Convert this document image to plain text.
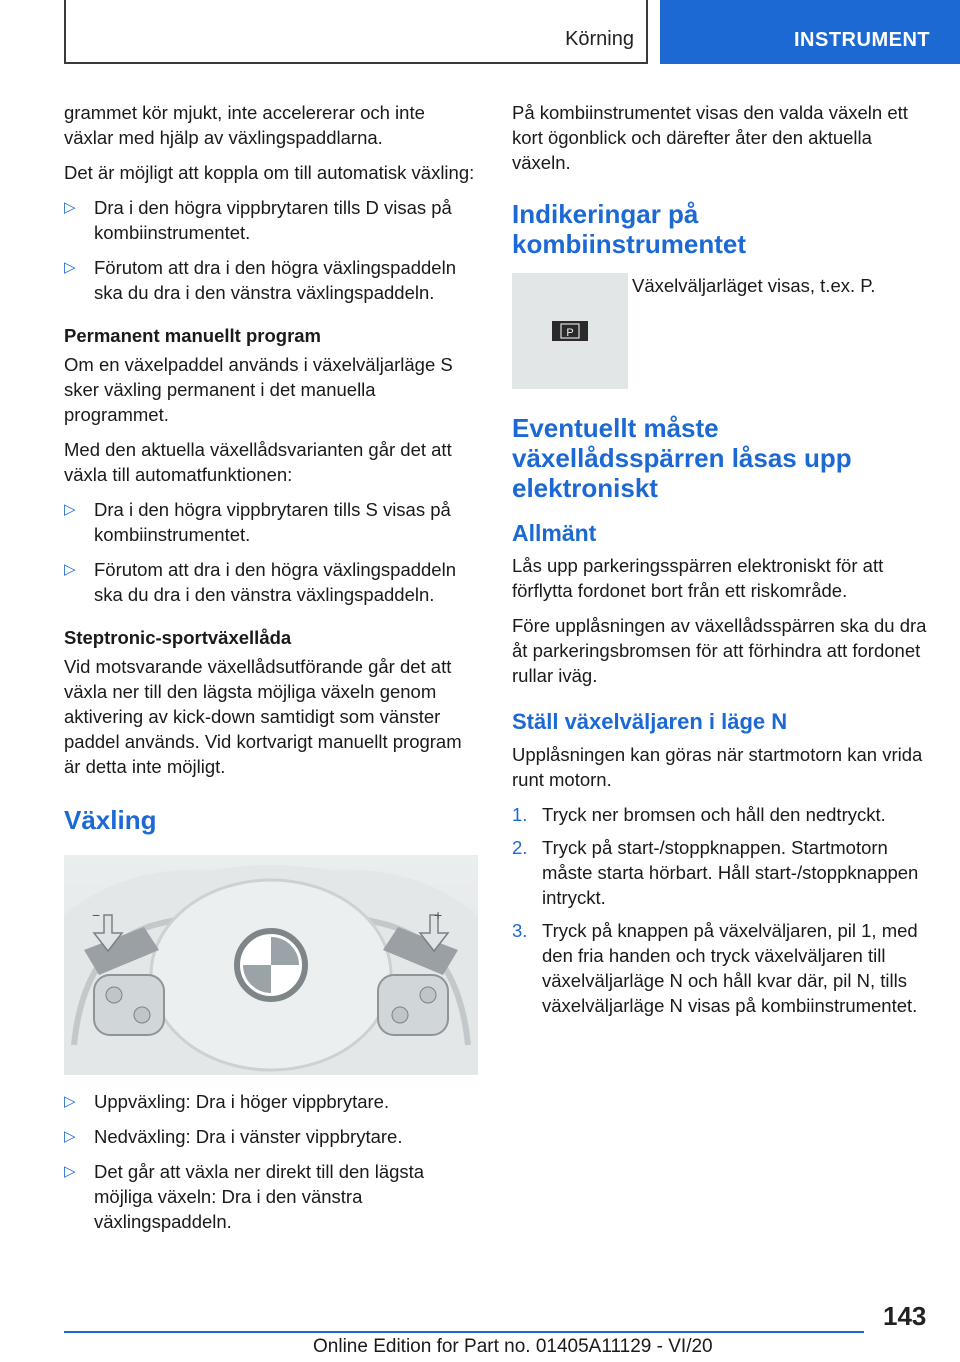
Körning	INSTRUMENT

grammet kör mjukt, inte accelererar och inte växlar med hjälp av växlingspaddlarna.

Det är möjligt att koppla om till automatisk växling:

▷ Dra i den högra vippbrytaren tills D visas på kombiinstrumentet.
▷ Förutom att dra i den högra växlingspaddeln ska du dra i den vänstra växlingspaddeln.
Permanent manuellt program

Om en växelpaddel används i växelväljarläge S sker växling permanent i det manuella programmet.

Med den aktuella växellådsvarianten går det att växla till automatfunktionen:

▷ Dra i den högra vippbrytaren tills S visas på kombiinstrumentet.
▷ Förutom att dra i den högra växlingspaddeln ska du dra i den vänstra växlingspaddeln.
Steptronic-sportväxellåda

Vid motsvarande växellådsutförande går det att växla ner till den lägsta möjliga växeln genom aktivering av kick-down samtidigt som vänster paddel används. Vid kortvarigt manuellt program är detta inte möjligt.

Växling
−	+
▷ Uppväxling: Dra i höger vippbrytare.
▷ Nedväxling: Dra i vänster vippbrytare.
▷ Det går att växla ner direkt till den lägsta möjliga växeln: Dra i den vänstra växlingspaddeln.

På kombiinstrumentet visas den valda växeln ett kort ögonblick och därefter åter den aktuella växeln.

Indikeringar på kombiinstrumentet
P
Växelväljarläget visas, t.ex. P.
Eventuellt måste växellådsspärren låsas upp elektroniskt
Allmänt

Lås upp parkeringsspärren elektroniskt för att förflytta fordonet bort från ett riskområde.

Före upplåsningen av växellådsspärren ska du dra åt parkeringsbromsen för att förhindra att fordonet rullar iväg.

Ställ växelväljaren i läge N

Upplåsningen kan göras när startmotorn kan vrida runt motorn.

1. Tryck ner bromsen och håll den nedtryckt.
2. Tryck på start-/stoppknappen. Startmotorn måste starta hörbart. Håll start-/stoppknappen intryckt.
3. Tryck på knappen på växelväljaren, pil 1, med den fria handen och tryck växelväljaren till växelväljarläge N och håll kvar där, pil N, tills växelväljarläge N visas på kombiinstrumentet.
143
Online Edition for Part no. 01405A11129 - VI/20
